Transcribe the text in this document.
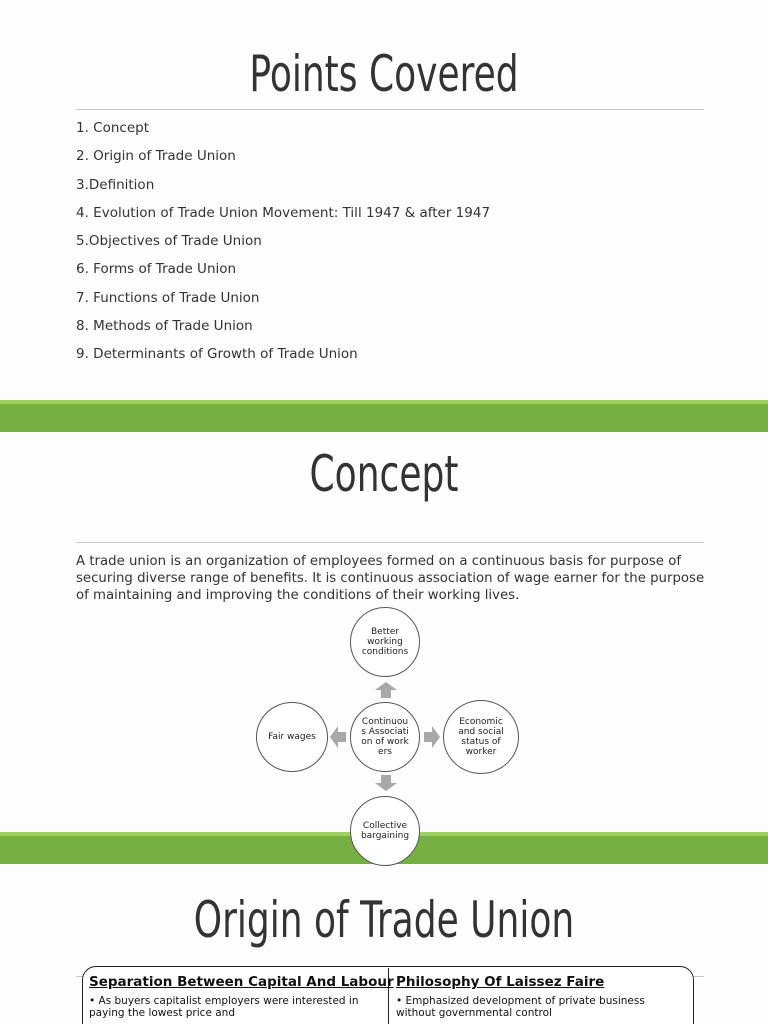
Points Covered
1. Concept
2. Origin of Trade Union
3.Definition
4. Evolution of Trade Union Movement: Till 1947 & after 1947
5.Objectives of Trade Union
6. Forms of Trade Union
7. Functions of Trade Union
8. Methods of Trade Union
9. Determinants of Growth of Trade Union
Concept
A trade union is an organization of employees formed on a continuous basis for purpose of securing diverse range of benefits. It is continuous association of wage earner for the purpose of maintaining and improving the conditions of their working lives.
Better working conditions
Continuous Association of workers
Fair wages
Economic and social status of worker
Collective bargaining
Origin of Trade Union
Separation Between Capital And Labour
• As buyers capitalist employers were interested in paying the lowest price and
Philosophy Of Laissez Faire
• Emphasized development of private business without governmental control
